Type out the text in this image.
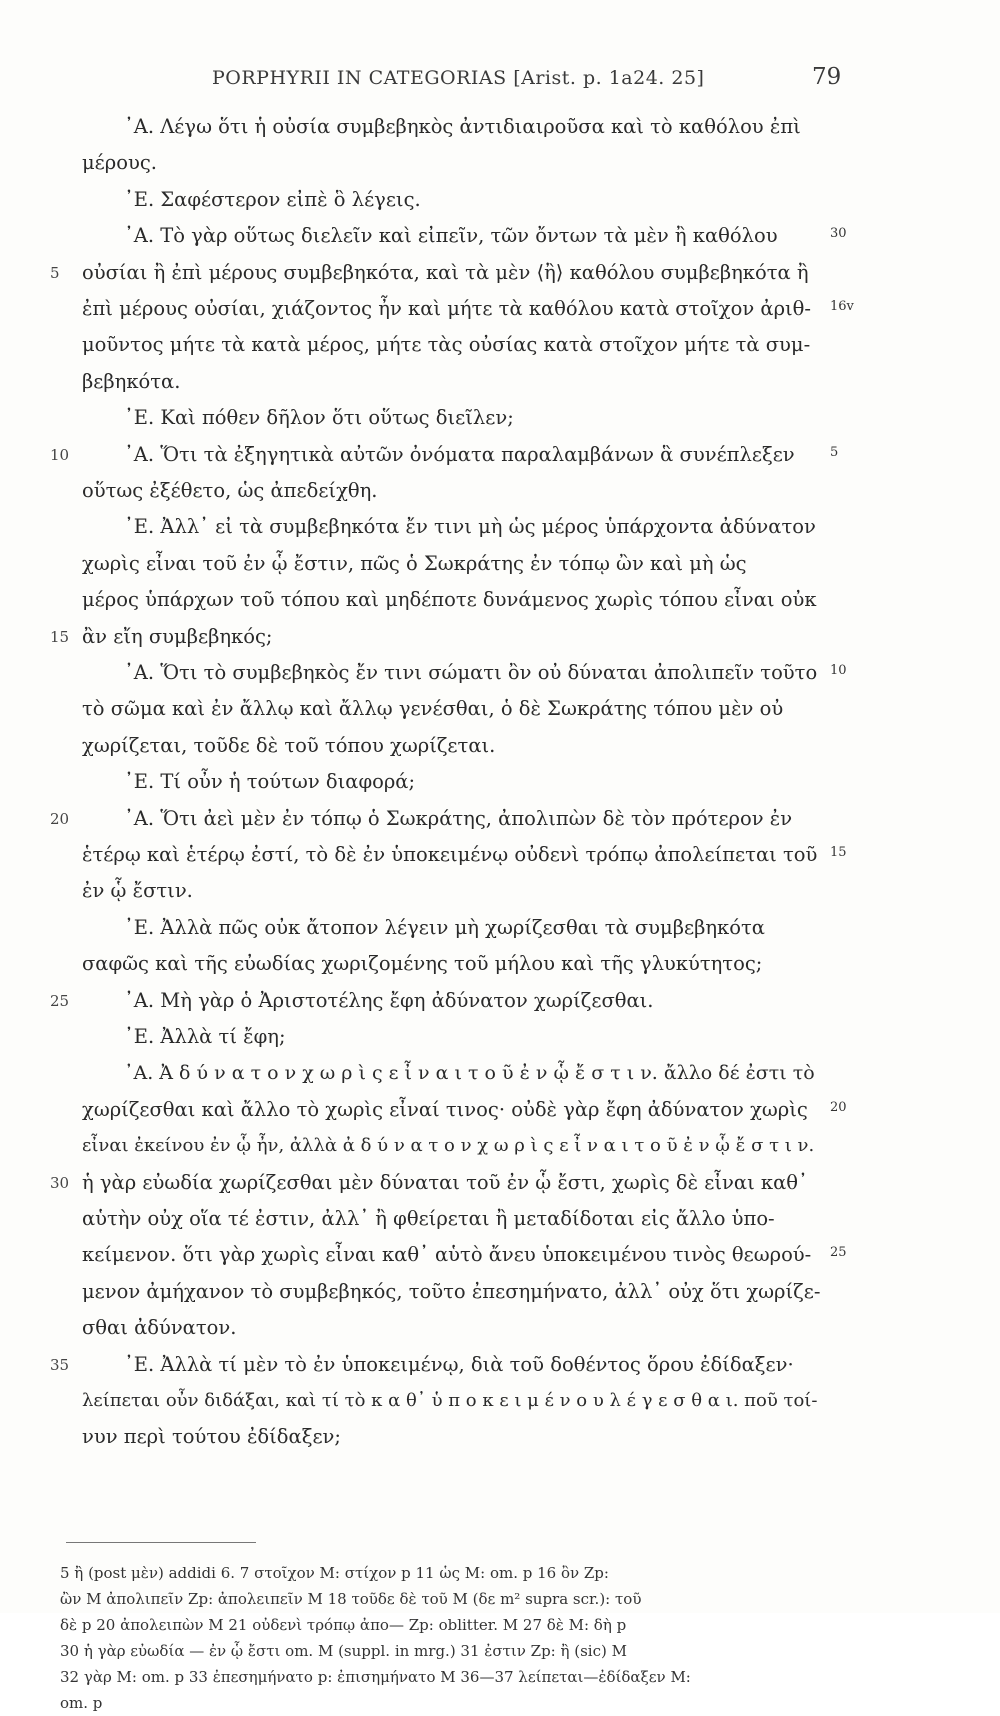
PORPHYRII IN CATEGORIAS [Arist. p. 1a24. 25]	79
᾿Α. Λέγω ὅτι ἡ οὐσία συμβεβηκὸς ἀντιδιαιροῦσα καὶ τὸ καθόλου ἐπὶ
μέρους.
᾿Ε. Σαφέστερον εἰπὲ ὃ λέγεις.
᾿Α. Τὸ γὰρ οὕτως διελεῖν καὶ εἰπεῖν, τῶν ὄντων τὰ μὲν ἢ καθόλου	30
5 οὐσίαι ἢ ἐπὶ μέρους συμβεβηκότα, καὶ τὰ μὲν ⟨ἢ⟩ καθόλου συμβεβηκότα ἢ
ἐπὶ μέρους οὐσίαι, χιάζοντος ἦν καὶ μήτε τὰ καθόλου κατὰ στοῖχον ἀριθ- 16v
μοῦντος μήτε τὰ κατὰ μέρος, μήτε τὰς οὐσίας κατὰ στοῖχον μήτε τὰ συμ-
βεβηκότα.
᾿Ε. Καὶ πόθεν δῆλον ὅτι οὕτως διεῖλεν;
10	᾿Α. Ὅτι τὰ ἐξηγητικὰ αὐτῶν ὀνόματα παραλαμβάνων ἃ συνέπλεξεν	5
οὕτως ἐξέθετο, ὡς ἀπεδείχθη.
᾿Ε. Ἀλλ᾿ εἰ τὰ συμβεβηκότα ἔν τινι μὴ ὡς μέρος ὑπάρχοντα ἀδύνατον
χωρὶς εἶναι τοῦ ἐν ᾧ ἔστιν, πῶς ὁ Σωκράτης ἐν τόπῳ ὢν καὶ μὴ ὡς
μέρος ὑπάρχων τοῦ τόπου καὶ μηδέποτε δυνάμενος χωρὶς τόπου εἶναι οὐκ
15 ἂν εἴη συμβεβηκός;
᾿Α. Ὅτι τὸ συμβεβηκὸς ἔν τινι σώματι ὂν οὐ δύναται ἀπολιπεῖν τοῦτο 10
τὸ σῶμα καὶ ἐν ἄλλῳ καὶ ἄλλῳ γενέσθαι, ὁ δὲ Σωκράτης τόπου μὲν οὐ
χωρίζεται, τοῦδε δὲ τοῦ τόπου χωρίζεται.
᾿Ε. Τί οὖν ἡ τούτων διαφορά;
20	᾿Α. Ὅτι ἀεὶ μὲν ἐν τόπῳ ὁ Σωκράτης, ἀπολιπὼν δὲ τὸν πρότερον ἐν
ἑτέρῳ καὶ ἑτέρῳ ἐστί, τὸ δὲ ἐν ὑποκειμένῳ οὐδενὶ τρόπῳ ἀπολείπεται τοῦ 15
ἐν ᾧ ἔστιν.
᾿Ε. Ἀλλὰ πῶς οὐκ ἄτοπον λέγειν μὴ χωρίζεσθαι τὰ συμβεβηκότα
σαφῶς καὶ τῆς εὐωδίας χωριζομένης τοῦ μήλου καὶ τῆς γλυκύτητος;
25	᾿Α. Μὴ γὰρ ὁ Ἀριστοτέλης ἔφη ἀδύνατον χωρίζεσθαι.
᾿Ε. Ἀλλὰ τί ἔφη;
᾿Α. Ἀ δ ύ ν α τ ο ν χ ω ρ ὶ ς ε ἶ ν α ι τ ο ῦ ἐ ν ᾧ ἔ σ τ ι ν. ἄλλο δέ ἐστι τὸ
χωρίζεσθαι καὶ ἄλλο τὸ χωρὶς εἶναί τινος· οὐδὲ γὰρ ἔφη ἀδύνατον χωρὶς 20
εἶναι ἐκείνου ἐν ᾧ ἦν, ἀλλὰ ἀ δ ύ ν α τ ο ν χ ω ρ ὶ ς ε ἶ ν α ι τ ο ῦ ἐ ν ᾧ ἔ σ τ ι ν.
30 ἡ γὰρ εὐωδία χωρίζεσθαι μὲν δύναται τοῦ ἐν ᾧ ἔστι, χωρὶς δὲ εἶναι καθ᾿
αὑτὴν οὐχ οἵα τέ ἐστιν, ἀλλ᾿ ἢ φθείρεται ἢ μεταδίδοται εἰς ἄλλο ὑπο-
κείμενον. ὅτι γὰρ χωρὶς εἶναι καθ᾿ αὑτὸ ἄνευ ὑποκειμένου τινὸς θεωρού- 25
μενον ἀμήχανον τὸ συμβεβηκός, τοῦτο ἐπεσημήνατο, ἀλλ᾿ οὐχ ὅτι χωρίζε-
σθαι ἀδύνατον.
35	᾿Ε. Ἀλλὰ τί μὲν τὸ ἐν ὑποκειμένῳ, διὰ τοῦ δοθέντος ὅρου ἐδίδαξεν·
λείπεται οὖν διδάξαι, καὶ τί τὸ κ α θ᾿ ὑ π ο κ ε ι μ έ ν ο υ λ έ γ ε σ θ α ι. ποῦ τοί-
νυν περὶ τούτου ἐδίδαξεν;
5 ἢ (post μὲν) addidi 6. 7 στοῖχον M: στίχον p 11 ὡς M: om. p 16 ὂν Zp:
ὢν M ἀπολιπεῖν Zp: ἀπολειπεῖν M 18 τοῦδε δὲ τοῦ M (δε m² supra scr.): τοῦ
δὲ p 20 ἀπολειπὼν M 21 οὐδενὶ τρόπῳ ἀπο— Zp: oblitter. M 27 δὲ M: δὴ p
30 ἡ γὰρ εὐωδία — ἐν ᾧ ἔστι om. M (suppl. in mrg.) 31 ἐστιν Zp: ἢ (sic) M
32 γὰρ M: om. p 33 ἐπεσημήνατο p: ἐπισημήνατο M 36—37 λείπεται—ἐδίδαξεν M:
om. p
